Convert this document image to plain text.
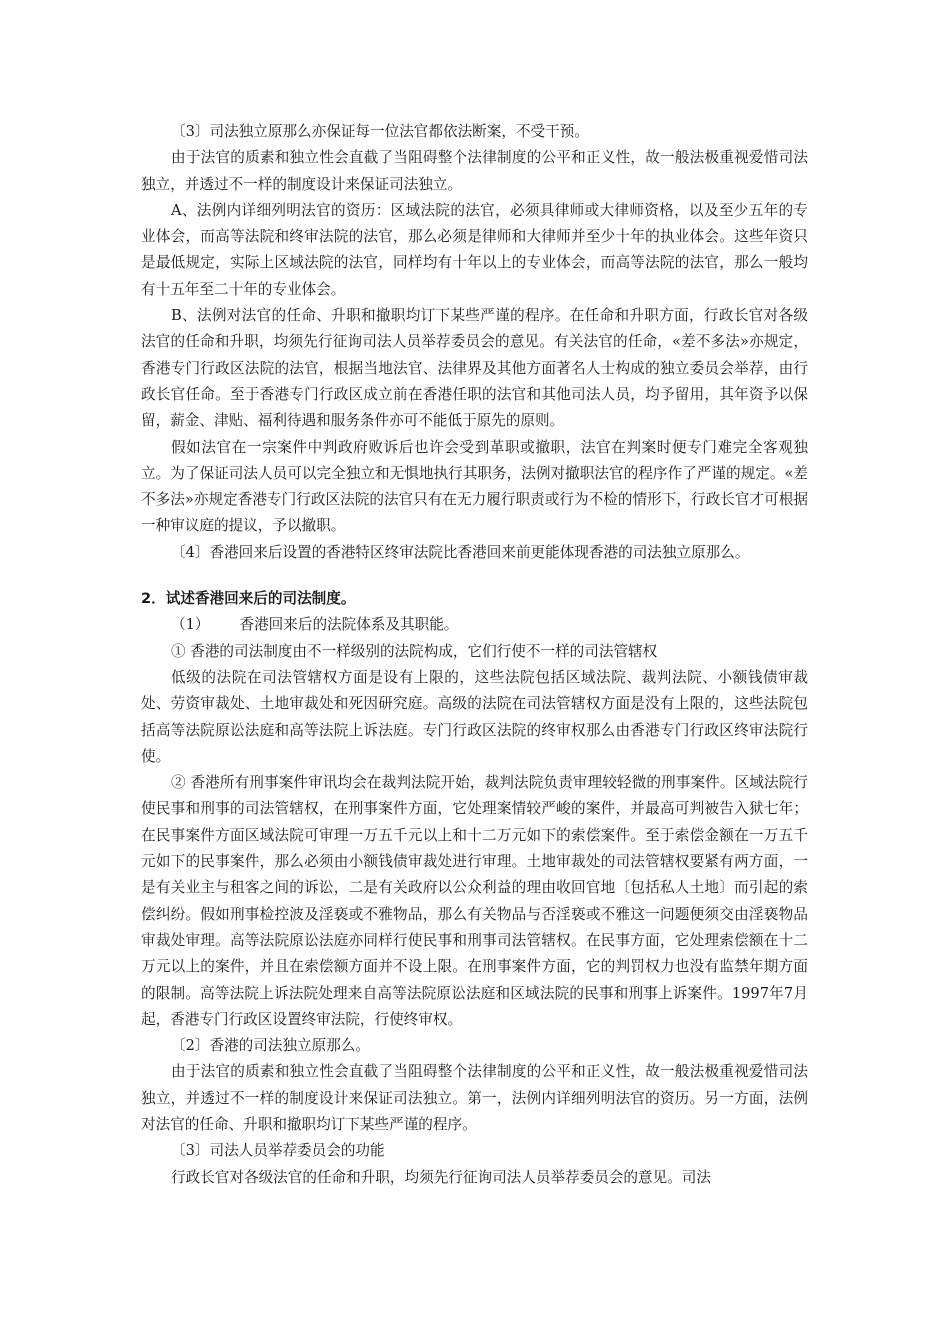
〔3〕司法独立原那么亦保证每一位法官都依法断案，不受干预。

由于法官的质素和独立性会直截了当阻碍整个法律制度的公平和正义性，故一般法极重视爱惜司法独立，并透过不一样的制度设计来保证司法独立。

A、法例内详细列明法官的资历：区域法院的法官，必须具律师或大律师资格，以及至少五年的专业体会，而高等法院和终审法院的法官，那么必须是律师和大律师并至少十年的执业体会。这些年资只是最低规定，实际上区域法院的法官，同样均有十年以上的专业体会，而高等法院的法官，那么一般均有十五年至二十年的专业体会。

B、法例对法官的任命、升职和撤职均订下某些严谨的程序。在任命和升职方面，行政长官对各级法官的任命和升职，均须先行征询司法人员举荐委员会的意见。有关法官的任命，«差不多法»亦规定，香港专门行政区法院的法官，根据当地法官、法律界及其他方面著名人士构成的独立委员会举荐，由行政长官任命。至于香港专门行政区成立前在香港任职的法官和其他司法人员，均予留用，其年资予以保留，薪金、津贴、福利待遇和服务条件亦可不能低于原先的原则。

假如法官在一宗案件中判政府败诉后也许会受到革职或撤职，法官在判案时便专门难完全客观独立。为了保证司法人员可以完全独立和无惧地执行其职务，法例对撤职法官的程序作了严谨的规定。«差不多法»亦规定香港专门行政区法院的法官只有在无力履行职责或行为不检的情形下，行政长官才可根据一种审议庭的提议，予以撤职。

〔4〕香港回来后设置的香港特区终审法院比香港回来前更能体现香港的司法独立原那么。

2．试述香港回来后的司法制度。

（1） 香港回来后的法院体系及其职能。

① 香港的司法制度由不一样级别的法院构成，它们行使不一样的司法管辖权

低级的法院在司法管辖权方面是设有上限的，这些法院包括区域法院、裁判法院、小额钱债审裁处、劳资审裁处、土地审裁处和死因研究庭。高级的法院在司法管辖权方面是没有上限的，这些法院包括高等法院原讼法庭和高等法院上诉法庭。专门行政区法院的终审权那么由香港专门行政区终审法院行使。

② 香港所有刑事案件审讯均会在裁判法院开始，裁判法院负责审理较轻微的刑事案件。区域法院行使民事和刑事的司法管辖权，在刑事案件方面，它处理案情较严峻的案件，并最高可判被告入狱七年；在民事案件方面区域法院可审理一万五千元以上和十二万元如下的索偿案件。至于索偿金额在一万五千元如下的民事案件，那么必须由小额钱债审裁处进行审理。土地审裁处的司法管辖权要紧有两方面，一是有关业主与租客之间的诉讼，二是有关政府以公众利益的理由收回官地〔包括私人土地〕而引起的索偿纠纷。假如刑事检控波及淫亵或不雅物品，那么有关物品与否淫亵或不雅这一问题便须交由淫亵物品审裁处审理。高等法院原讼法庭亦同样行使民事和刑事司法管辖权。在民事方面，它处理索偿额在十二万元以上的案件，并且在索偿额方面并不设上限。在刑事案件方面，它的判罚权力也没有监禁年期方面的限制。高等法院上诉法院处理来自高等法院原讼法庭和区域法院的民事和刑事上诉案件。1997年7月起，香港专门行政区设置终审法院，行使终审权。

〔2〕香港的司法独立原那么。

由于法官的质素和独立性会直截了当阻碍整个法律制度的公平和正义性，故一般法极重视爱惜司法独立，并透过不一样的制度设计来保证司法独立。第一，法例内详细列明法官的资历。另一方面，法例对法官的任命、升职和撤职均订下某些严谨的程序。

〔3〕司法人员举荐委员会的功能

行政长官对各级法官的任命和升职，均须先行征询司法人员举荐委员会的意见。司法
